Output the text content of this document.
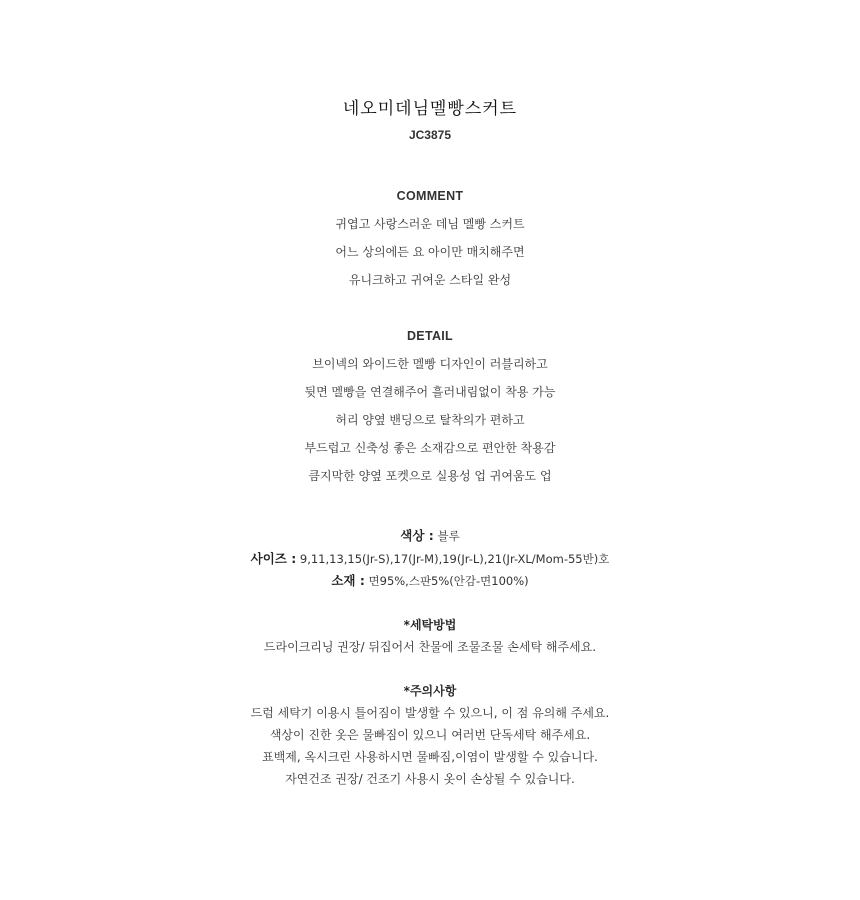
네오미데님멜빵스커트
JC3875
COMMENT
귀엽고 사랑스러운 데님 멜빵 스커트
어느 상의에든 요 아이만 매치해주면
유니크하고 귀여운 스타일 완성
DETAIL
브이넥의 와이드한 멜빵 디자인이 러블리하고
뒷면 멜빵을 연결해주어 흘러내림없이 착용 가능
허리 양옆 밴딩으로 탈착의가 편하고
부드럽고 신축성 좋은 소재감으로 편안한 착용감
큼지막한 양옆 포켓으로 실용성 업 귀여움도 업
색상 : 블루
사이즈 : 9,11,13,15(Jr-S),17(Jr-M),19(Jr-L),21(Jr-XL/Mom-55반)호
소재 : 면95%,스판5%(안감-면100%)
*세탁방법
드라이크리닝 권장/ 뒤집어서 찬물에 조물조물 손세탁 해주세요.
*주의사항
드럼 세탁기 이용시 틀어짐이 발생할 수 있으니, 이 점 유의해 주세요.
색상이 진한 옷은 물빠짐이 있으니 여러번 단독세탁 해주세요.
표백제, 옥시크린 사용하시면 물빠짐,이염이 발생할 수 있습니다.
자연건조 권장/ 건조기 사용시 옷이 손상될 수 있습니다.
